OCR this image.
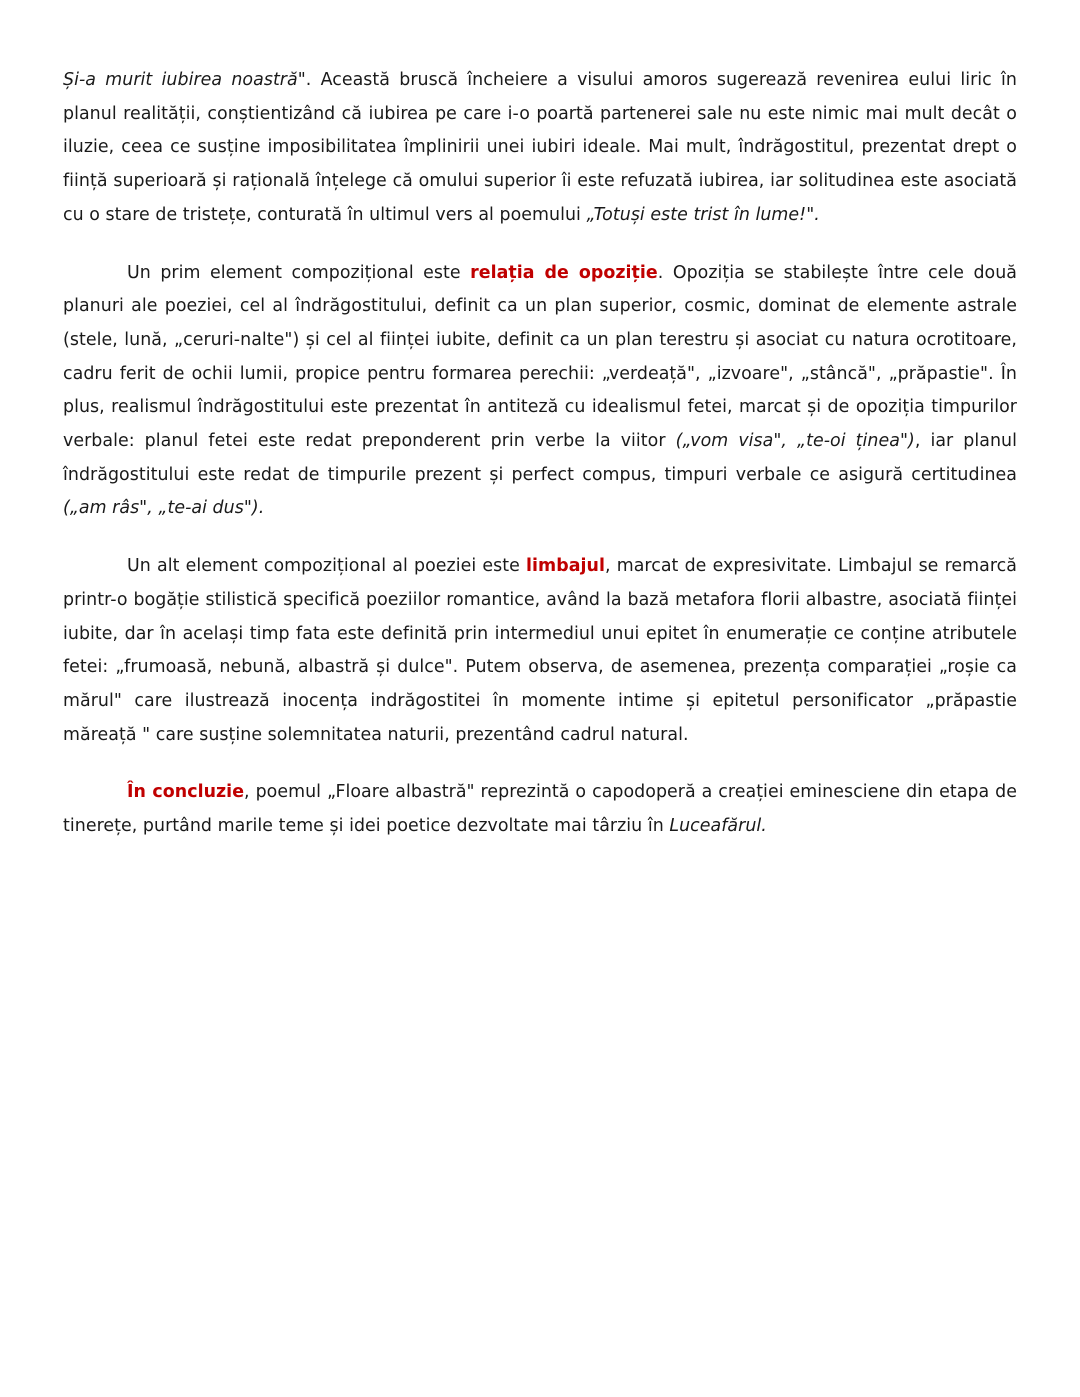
Și-a murit iubirea noastră". Această bruscă încheiere a visului amoros sugerează revenirea eului liric în planul realității, conștientizând că iubirea pe care i-o poartă partenerei sale nu este nimic mai mult decât o iluzie, ceea ce susține imposibilitatea împlinirii unei iubiri ideale. Mai mult, îndrăgostitul, prezentat drept o ființă superioară și rațională înțelege că omului superior îi este refuzată iubirea, iar solitudinea este asociată cu o stare de tristețe, conturată în ultimul vers al poemului „Totuși este trist în lume!".

Un prim element compozițional este relația de opoziție. Opoziția se stabilește între cele două planuri ale poeziei, cel al îndrăgostitului, definit ca un plan superior, cosmic, dominat de elemente astrale (stele, lună, „ceruri-nalte") și cel al ființei iubite, definit ca un plan terestru și asociat cu natura ocrotitoare, cadru ferit de ochii lumii, propice pentru formarea perechii: „verdeață", „izvoare", „stâncă", „prăpastie". În plus, realismul îndrăgostitului este prezentat în antiteză cu idealismul fetei, marcat și de opoziția timpurilor verbale: planul fetei este redat preponderent prin verbe la viitor („vom visa", „te-oi ținea"), iar planul îndrăgostitului este redat de timpurile prezent și perfect compus, timpuri verbale ce asigură certitudinea („am râs", „te-ai dus").

Un alt element compozițional al poeziei este limbajul, marcat de expresivitate. Limbajul se remarcă printr-o bogăție stilistică specifică poeziilor romantice, având la bază metafora florii albastre, asociată ființei iubite, dar în același timp fata este definită prin intermediul unui epitet în enumerație ce conține atributele fetei: „frumoasă, nebună, albastră și dulce". Putem observa, de asemenea, prezența comparației „roșie ca mărul" care ilustrează inocența indrăgostitei în momente intime și epitetul personificator „prăpastie măreață " care susține solemnitatea naturii, prezentând cadrul natural.

În concluzie, poemul „Floare albastră" reprezintă o capodoperă a creației eminesciene din etapa de tinerețe, purtând marile teme și idei poetice dezvoltate mai târziu în Luceafărul.
